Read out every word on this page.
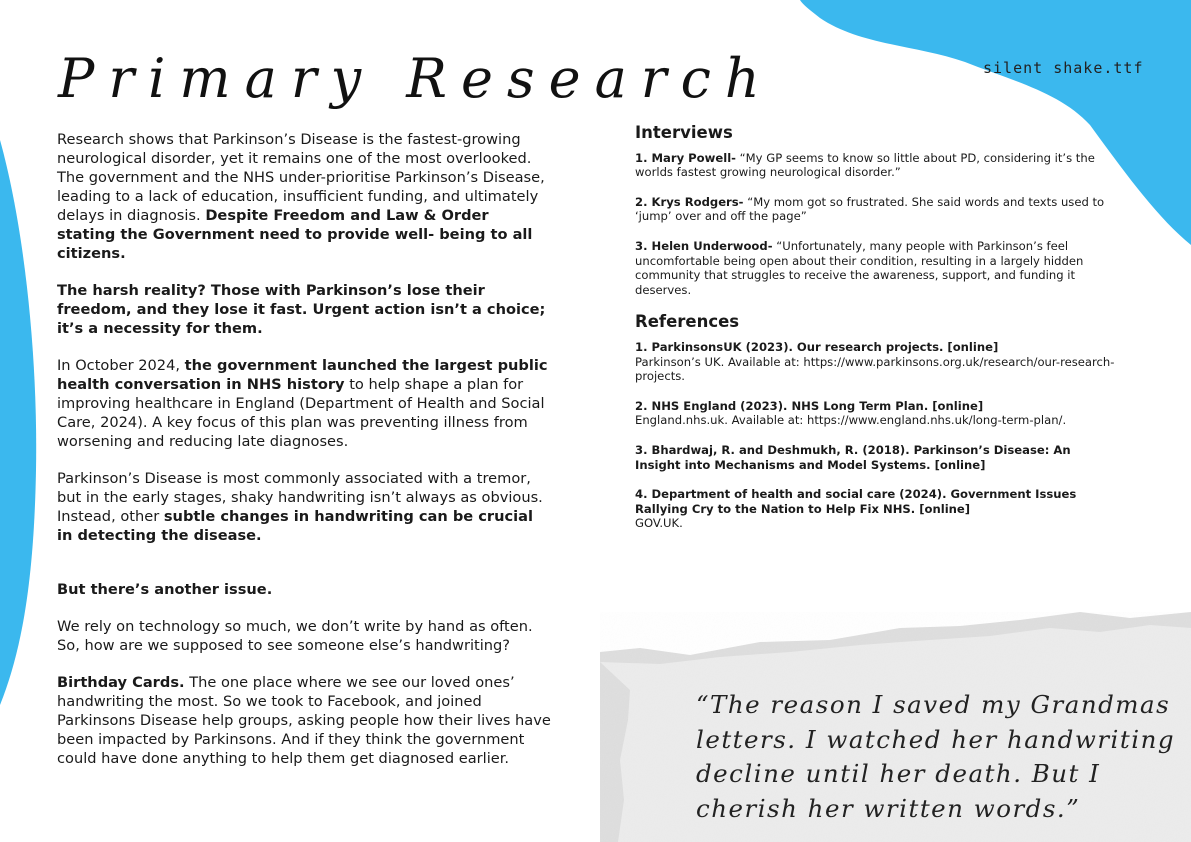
Primary Research	silent shake.ttf

Research shows that Parkinson’s Disease is the fastest-growing neurological disorder, yet it remains one of the most overlooked. The government and the NHS under-prioritise Parkinson’s Disease, leading to a lack of education, insufficient funding, and ultimately delays in diagnosis. Despite Freedom and Law & Order stating the Government need to provide well- being to all citizens.

The harsh reality? Those with Parkinson’s lose their freedom, and they lose it fast. Urgent action isn’t a choice; it’s a necessity for them.

In October 2024, the government launched the largest public health conversation in NHS history to help shape a plan for improving healthcare in England (Department of Health and Social Care, 2024). A key focus of this plan was preventing illness from worsening and reducing late diagnoses.

Parkinson’s Disease is most commonly associated with a tremor, but in the early stages, shaky handwriting isn’t always as obvious. Instead, other subtle changes in handwriting can be crucial in detecting the disease.

But there’s another issue.

We rely on technology so much, we don’t write by hand as often. So, how are we supposed to see someone else’s handwriting?

Birthday Cards. The one place where we see our loved ones’ handwriting the most. So we took to Facebook, and joined Parkinsons Disease help groups, asking people how their lives have been impacted by Parkinsons. And if they think the government could have done anything to help them get diagnosed earlier.

Interviews
1. Mary Powell- “My GP seems to know so little about PD, considering it’s the worlds fastest growing neurological disorder.”
2. Krys Rodgers- “My mom got so frustrated. She said words and texts used to ‘jump’ over and off the page”
3. Helen Underwood- “Unfortunately, many people with Parkinson’s feel uncomfortable being open about their condition, resulting in a largely hidden community that struggles to receive the awareness, support, and funding it deserves.
References
1. ParkinsonsUK (2023). Our research projects. [online]
Parkinson’s UK. Available at: https://www.parkinsons.org.uk/research/our-research-projects.
2. NHS England (2023). NHS Long Term Plan. [online]
England.nhs.uk. Available at: https://www.england.nhs.uk/long-term-plan/.
3. Bhardwaj, R. and Deshmukh, R. (2018). Parkinson’s Disease: An Insight into Mechanisms and Model Systems. [online]
4. Department of health and social care (2024). Government Issues Rallying Cry to the Nation to Help Fix NHS. [online]
GOV.UK.
“The reason I saved my Grandmas letters. I watched her handwriting decline until her death. But I cherish her written words.”
